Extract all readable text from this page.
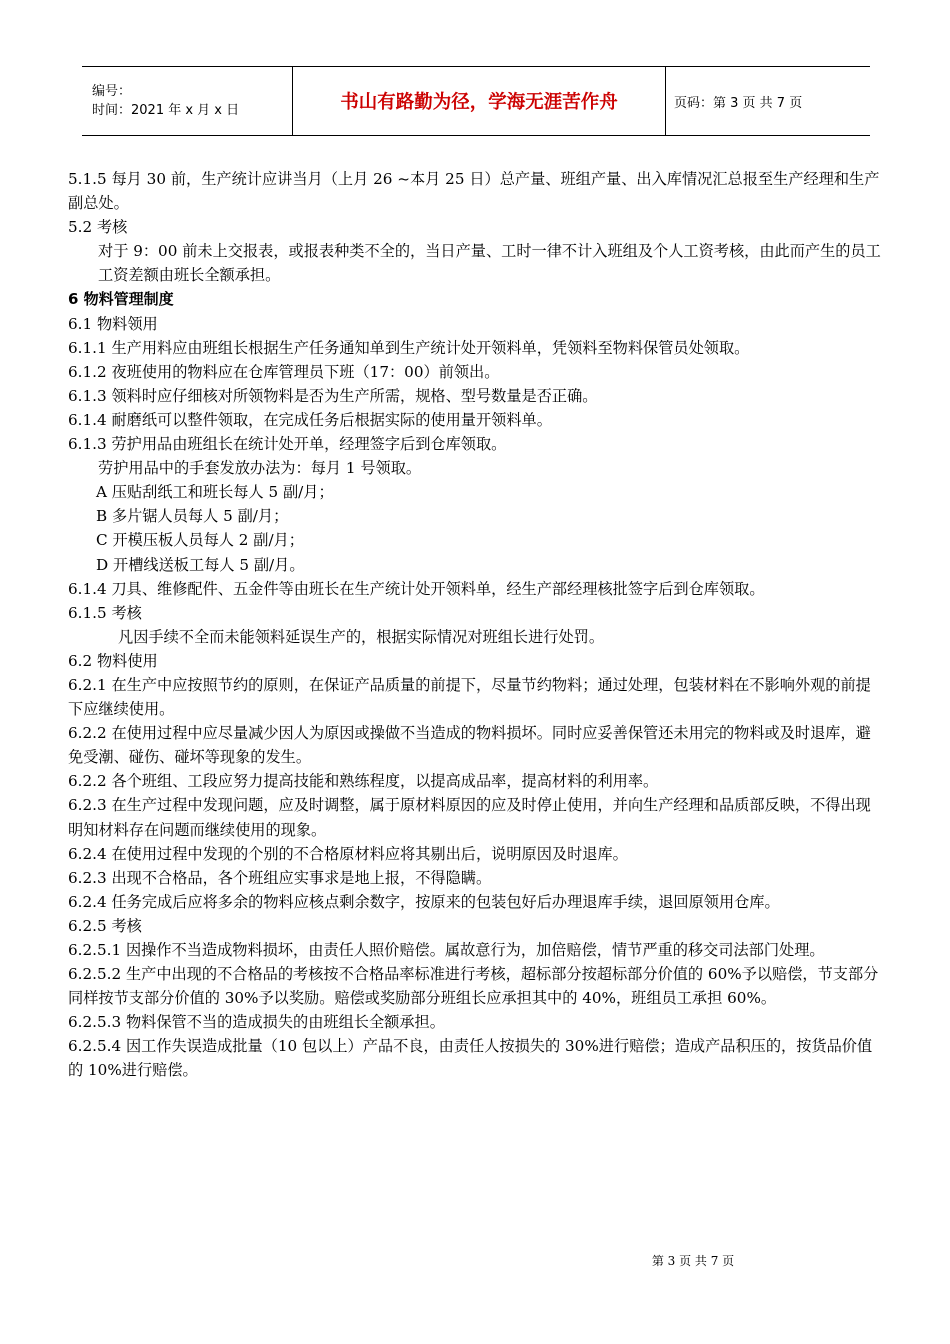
编号：
时间：2021 年 x 月 x 日	书山有路勤为径，学海无涯苦作舟	页码：第 3 页 共 7 页

5.1.5 每月 30 前，生产统计应讲当月（上月 26 ~本月 25 日）总产量、班组产量、出入库情况汇总报至生产经理和生产副总处。

5.2 考核

对于 9：00 前未上交报表，或报表种类不全的，当日产量、工时一律不计入班组及个人工资考核，由此而产生的员工工资差额由班长全额承担。

6 物料管理制度

6.1 物料领用

6.1.1 生产用料应由班组长根据生产任务通知单到生产统计处开领料单，凭领料至物料保管员处领取。

6.1.2 夜班使用的物料应在仓库管理员下班（17：00）前领出。

6.1.3 领料时应仔细核对所领物料是否为生产所需，规格、型号数量是否正确。

6.1.4 耐磨纸可以整件领取，在完成任务后根据实际的使用量开领料单。

6.1.3 劳护用品由班组长在统计处开单，经理签字后到仓库领取。

劳护用品中的手套发放办法为：每月 1 号领取。

A 压贴刮纸工和班长每人 5 副/月；

B 多片锯人员每人 5 副/月；

C 开模压板人员每人 2 副/月；

D 开槽线送板工每人 5 副/月。

6.1.4 刀具、维修配件、五金件等由班长在生产统计处开领料单，经生产部经理核批签字后到仓库领取。

6.1.5 考核

凡因手续不全而未能领料延误生产的，根据实际情况对班组长进行处罚。

6.2 物料使用

6.2.1 在生产中应按照节约的原则，在保证产品质量的前提下，尽量节约物料；通过处理，包装材料在不影响外观的前提下应继续使用。

6.2.2 在使用过程中应尽量减少因人为原因或操做不当造成的物料损坏。同时应妥善保管还未用完的物料或及时退库，避免受潮、碰伤、碰坏等现象的发生。

6.2.2 各个班组、工段应努力提高技能和熟练程度，以提高成品率，提高材料的利用率。

6.2.3 在生产过程中发现问题，应及时调整，属于原材料原因的应及时停止使用，并向生产经理和品质部反映，不得出现明知材料存在问题而继续使用的现象。

6.2.4 在使用过程中发现的个别的不合格原材料应将其剔出后，说明原因及时退库。

6.2.3 出现不合格品，各个班组应实事求是地上报，不得隐瞒。

6.2.4 任务完成后应将多余的物料应核点剩余数字，按原来的包装包好后办理退库手续，退回原领用仓库。

6.2.5 考核

6.2.5.1 因操作不当造成物料损坏，由责任人照价赔偿。属故意行为，加倍赔偿，情节严重的移交司法部门处理。

6.2.5.2 生产中出现的不合格品的考核按不合格品率标准进行考核，超标部分按超标部分价值的 60%予以赔偿，节支部分同样按节支部分价值的 30%予以奖励。赔偿或奖励部分班组长应承担其中的 40%，班组员工承担 60%。

6.2.5.3 物料保管不当的造成损失的由班组长全额承担。

6.2.5.4 因工作失误造成批量（10 包以上）产品不良，由责任人按损失的 30%进行赔偿；造成产品积压的，按货品价值的 10%进行赔偿。

第 3 页 共 7 页
